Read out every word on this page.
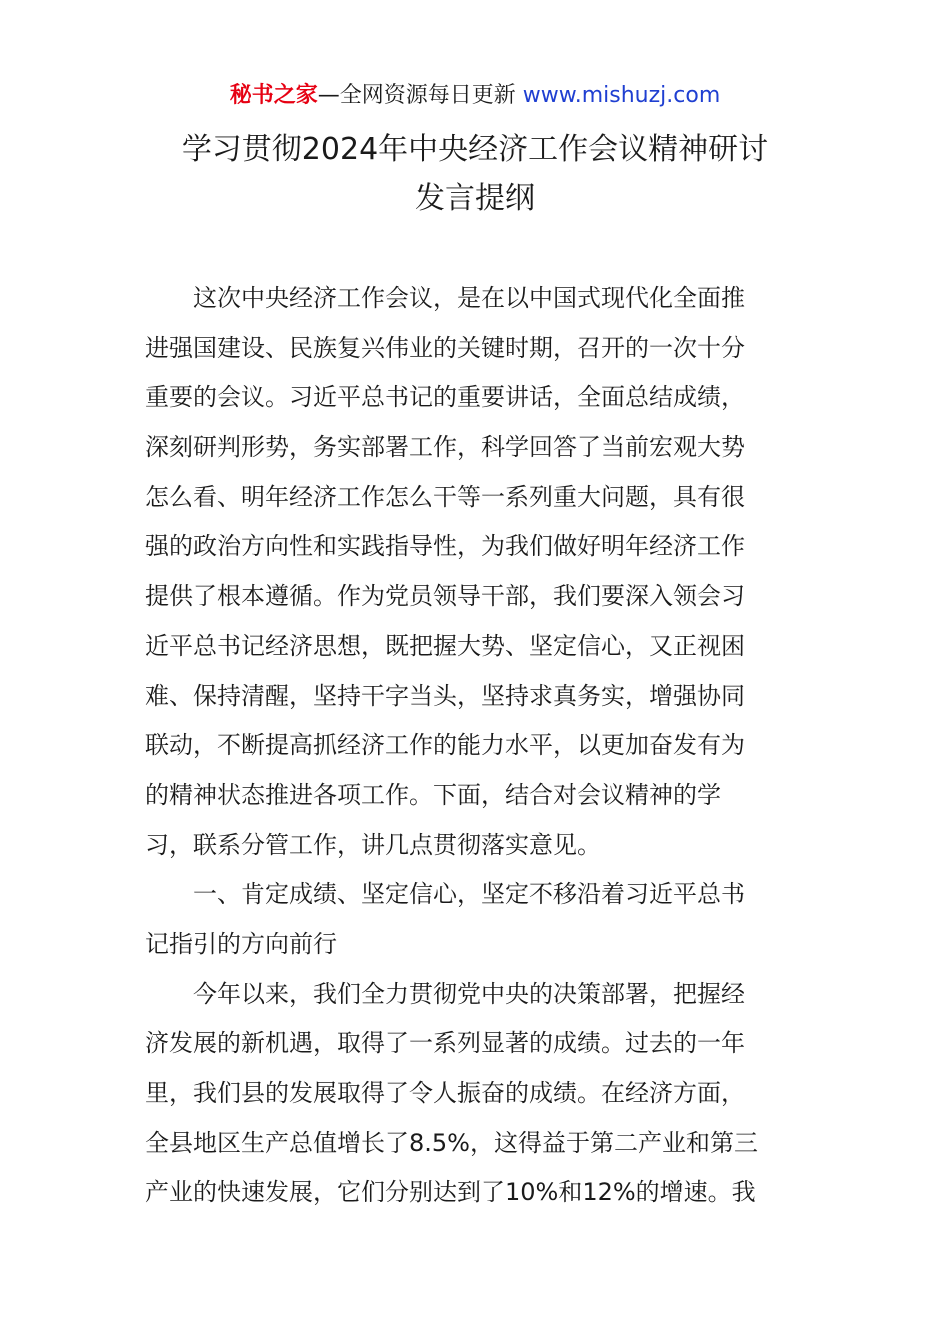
秘书之家—全网资源每日更新 www.mishuzj.com
学习贯彻2024年中央经济工作会议精神研讨
发言提纲
这次中央经济工作会议，是在以中国式现代化全面推
进强国建设、民族复兴伟业的关键时期，召开的一次十分
重要的会议。习近平总书记的重要讲话，全面总结成绩，
深刻研判形势，务实部署工作，科学回答了当前宏观大势
怎么看、明年经济工作怎么干等一系列重大问题，具有很
强的政治方向性和实践指导性，为我们做好明年经济工作
提供了根本遵循。作为党员领导干部，我们要深入领会习
近平总书记经济思想，既把握大势、坚定信心，又正视困
难、保持清醒，坚持干字当头，坚持求真务实，增强协同
联动，不断提高抓经济工作的能力水平，以更加奋发有为
的精神状态推进各项工作。下面，结合对会议精神的学
习，联系分管工作，讲几点贯彻落实意见。
一、肯定成绩、坚定信心，坚定不移沿着习近平总书
记指引的方向前行
今年以来，我们全力贯彻党中央的决策部署，把握经
济发展的新机遇，取得了一系列显著的成绩。过去的一年
里，我们县的发展取得了令人振奋的成绩。在经济方面，
全县地区生产总值增长了8.5%，这得益于第二产业和第三
产业的快速发展，它们分别达到了10%和12%的增速。我
